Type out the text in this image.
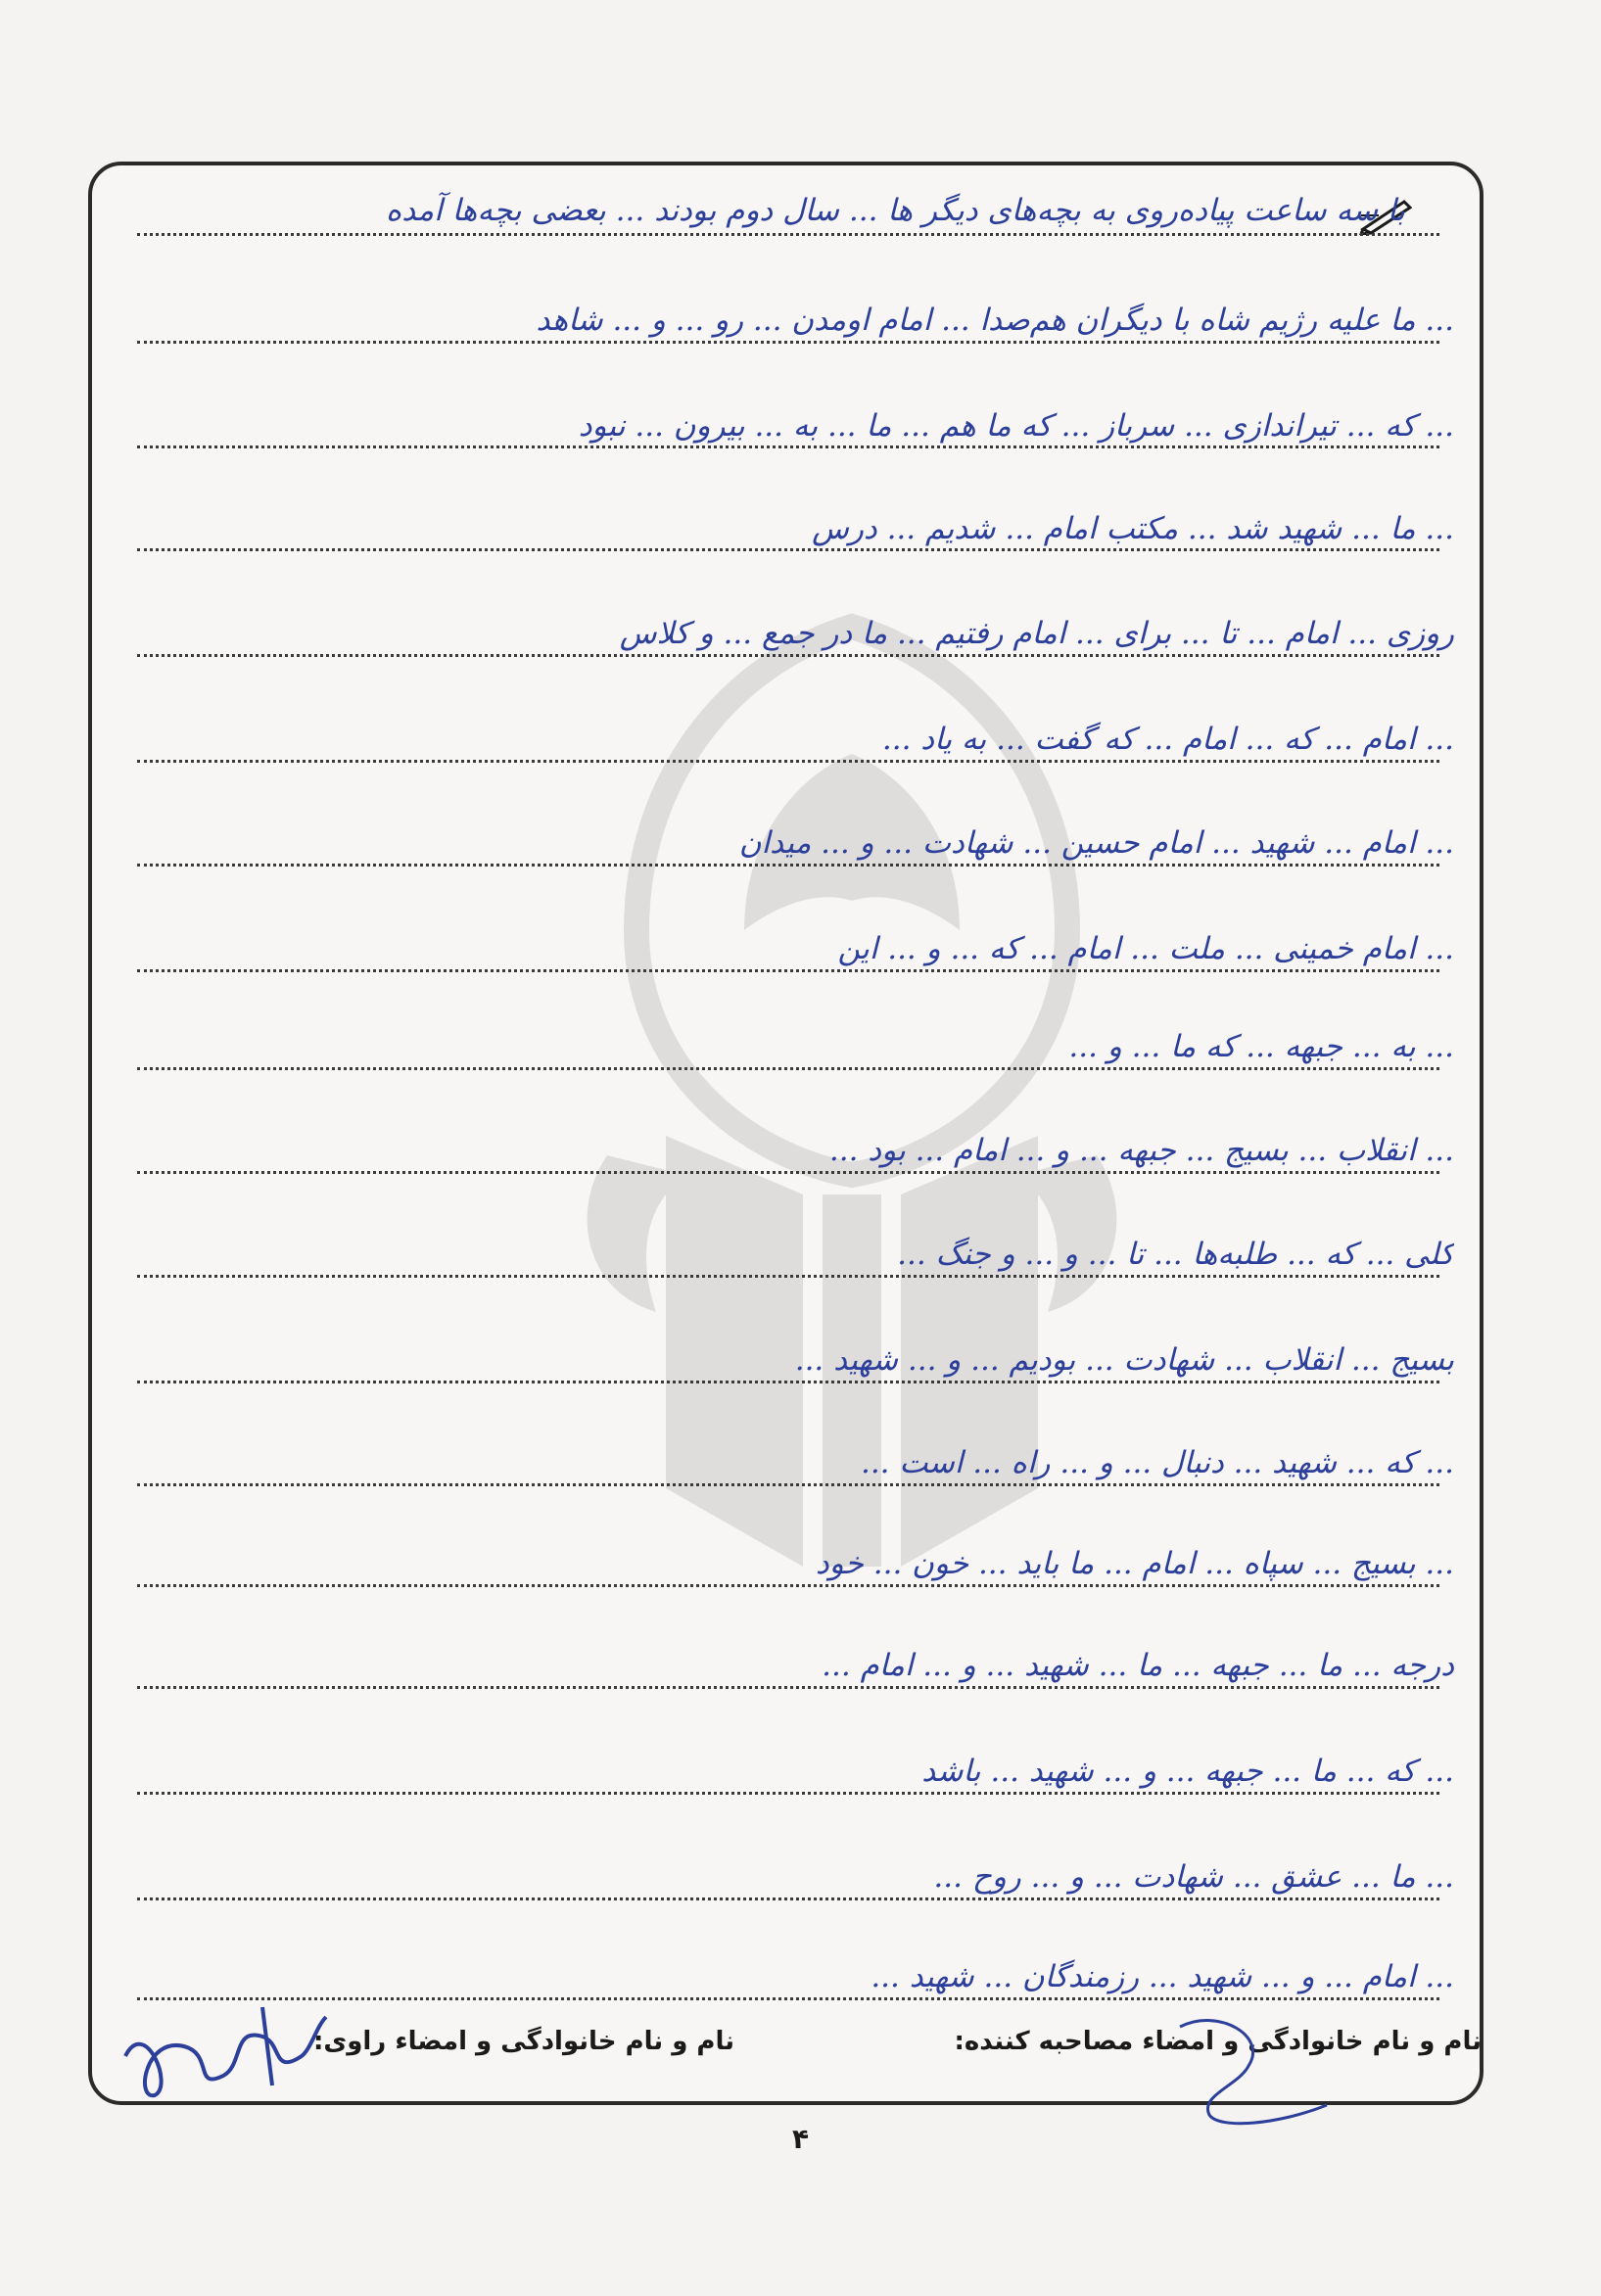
با سه ساعت پیاده‌روی به بچه‌های دیگر ها ... سال دوم بودند ... بعضی بچه‌ها آمده
... ما علیه رژیم شاه با دیگران هم‌صدا ... امام اومدن ... رو ... و ... شاهد
... که ... تیراندازی ... سرباز ... که ما هم ... ما ... به ... بیرون ... نبود
... ما ... شهید شد ... مکتب امام ... شدیم ... درس
روزی ... امام ... تا ... برای ... امام رفتیم ... ما در جمع ... و کلاس
... امام ... که ... امام ... که گفت ... به یاد ...
... امام ... شهید ... امام حسین ... شهادت ... و ... میدان
... امام خمینی ... ملت ... امام ... که ... و ... این
... به ... جبهه ... که ما ... و ...
... انقلاب ... بسیج ... جبهه ... و ... امام ... بود ...
کلی ... که ... طلبه‌ها ... تا ... و ... و جنگ ...
بسیج ... انقلاب ... شهادت ... بودیم ... و ... شهید ...
... که ... شهید ... دنبال ... و ... راه ... است ...
... بسیج ... سپاه ... امام ... ما باید ... خون ... خود
درجه ... ما ... جبهه ... ما ... شهید ... و ... امام ...
... که ... ما ... جبهه ... و ... شهید ... باشد
... ما ... عشق ... شهادت ... و ... روح ...
... امام ... و ... شهید ... رزمندگان ... شهید ...
نام و نام خانوادگی و امضاء مصاحبه کننده:
نام و نام خانوادگی و امضاء راوی:
۴
